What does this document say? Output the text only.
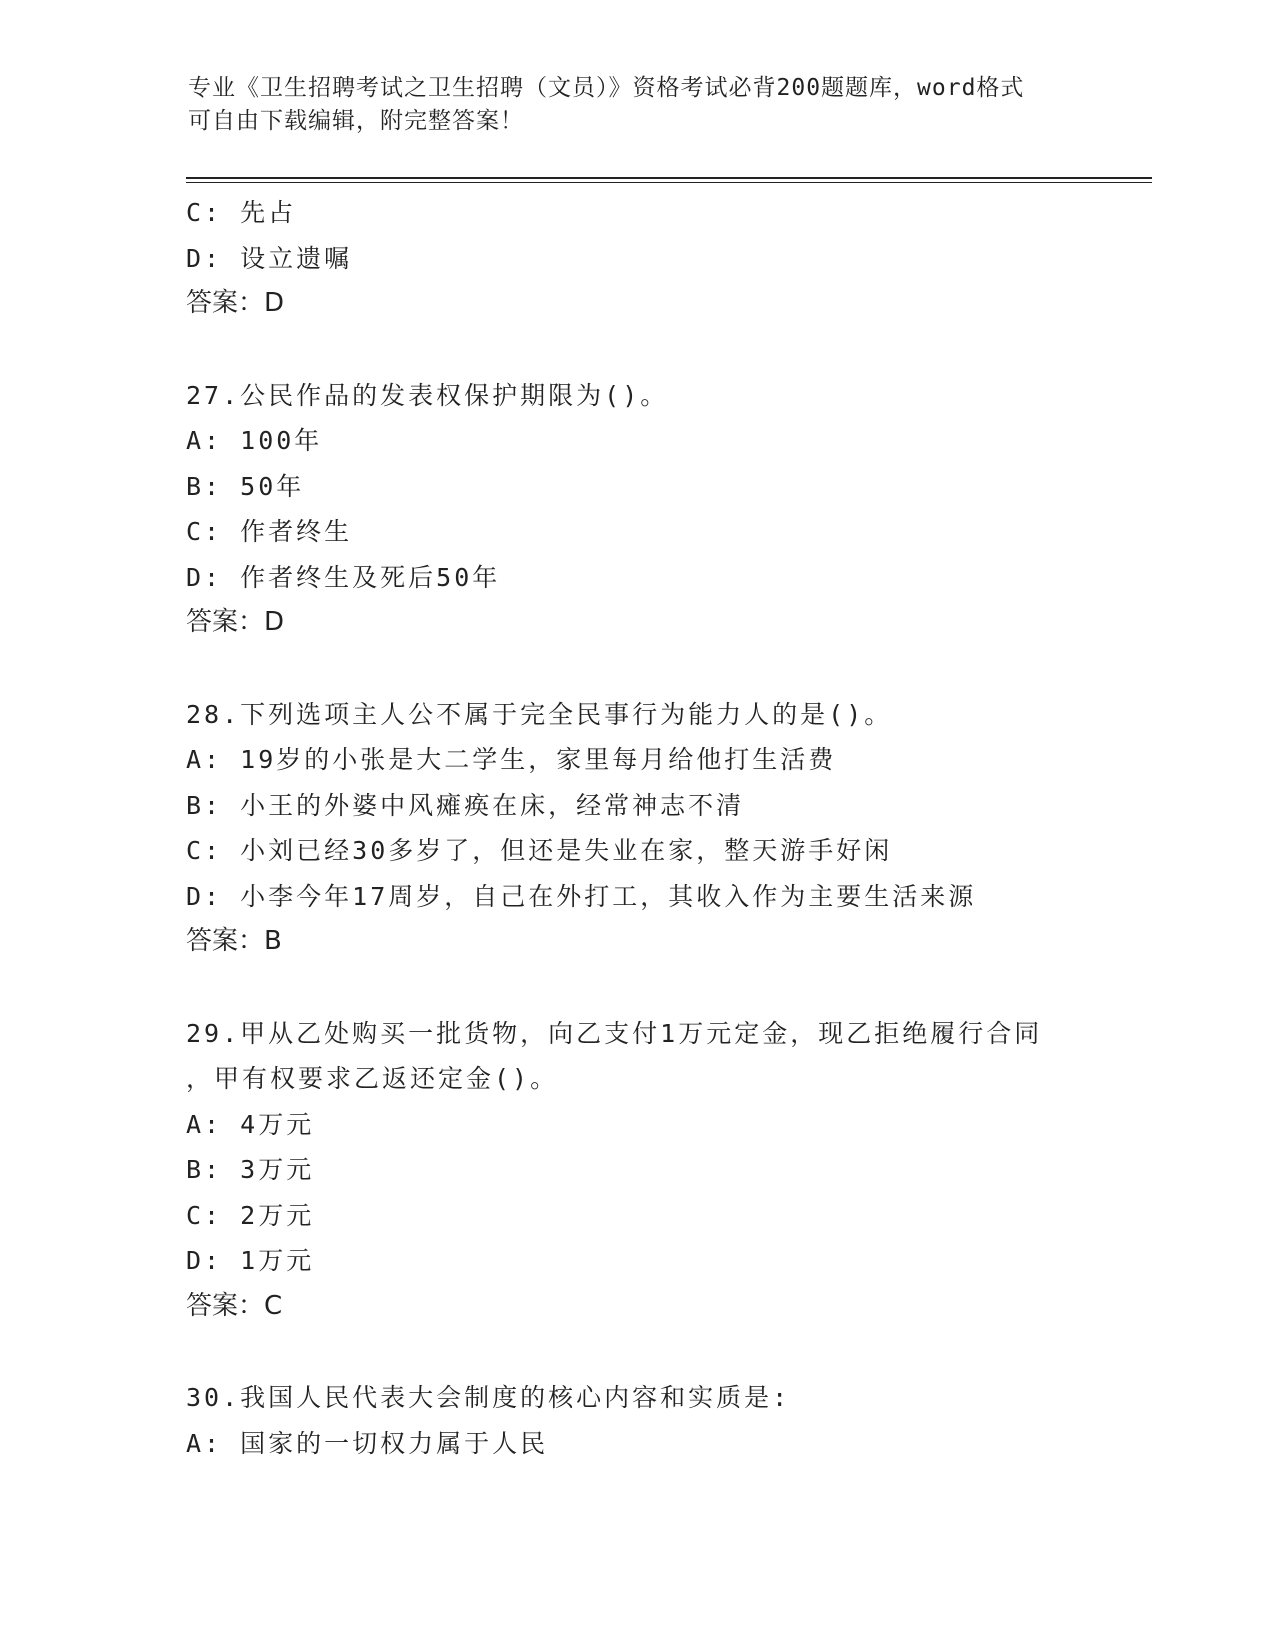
专业《卫生招聘考试之卫生招聘（文员）》资格考试必背200题题库，word格式
可自由下载编辑，附完整答案！
C: 先占
D: 设立遗嘱
答案：D
27.公民作品的发表权保护期限为()。
A: 100年
B: 50年
C: 作者终生
D: 作者终生及死后50年
答案：D
28.下列选项主人公不属于完全民事行为能力人的是()。
A: 19岁的小张是大二学生，家里每月给他打生活费
B: 小王的外婆中风瘫痪在床，经常神志不清
C: 小刘已经30多岁了，但还是失业在家，整天游手好闲
D: 小李今年17周岁，自己在外打工，其收入作为主要生活来源
答案：B
29.甲从乙处购买一批货物，向乙支付1万元定金，现乙拒绝履行合同
，甲有权要求乙返还定金()。
A: 4万元
B: 3万元
C: 2万元
D: 1万元
答案：C
30.我国人民代表大会制度的核心内容和实质是:
A: 国家的一切权力属于人民
